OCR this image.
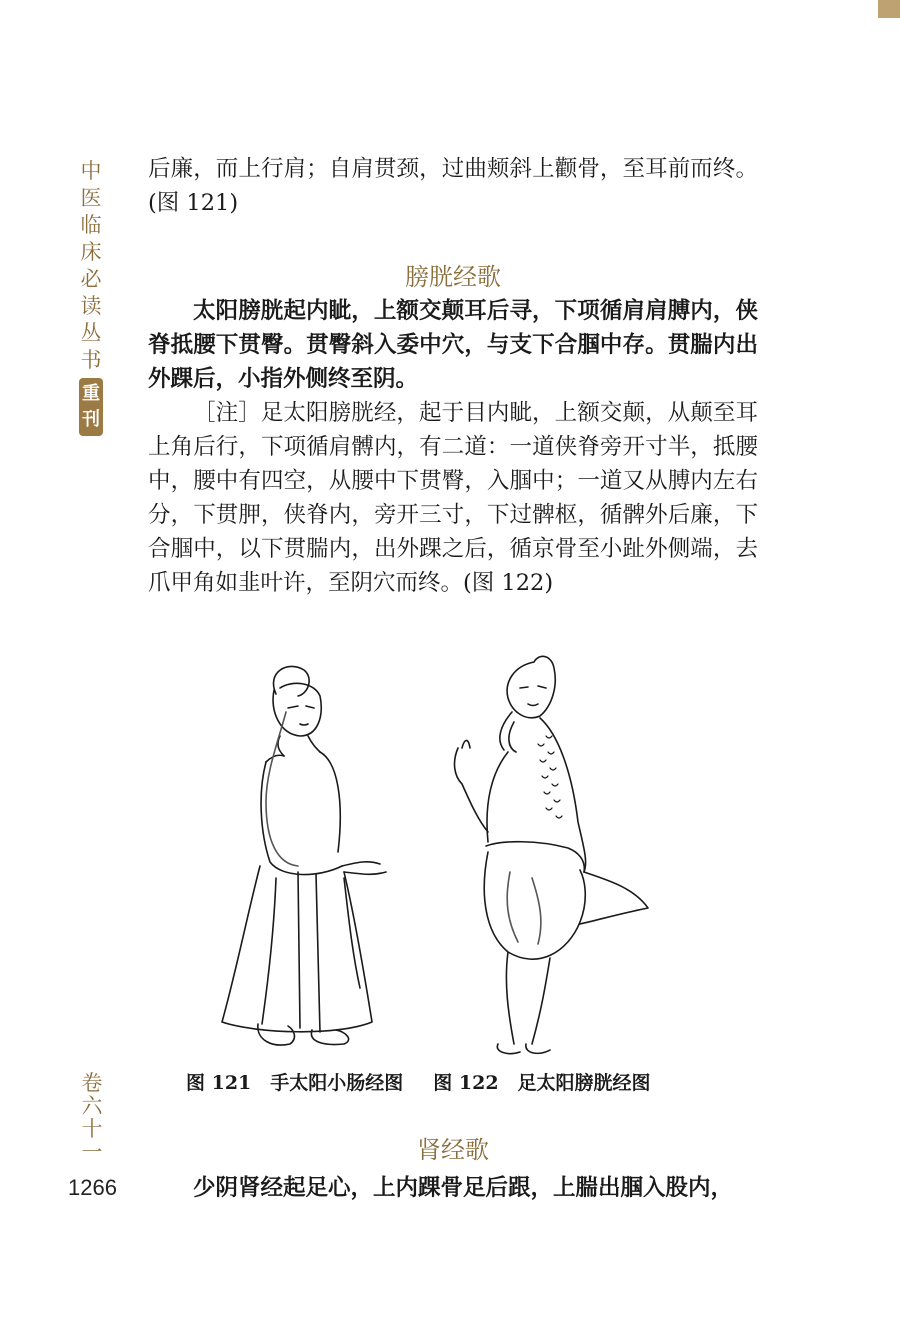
中
医
临
床
必
读
丛
书
重
刊
卷
六
十
一
1266

后廉，而上行肩；自肩贯颈，过曲颊斜上颧骨，至耳前而终。(图 121)

膀胱经歌

太阳膀胱起内眦，上额交颠耳后寻，下项循肩肩膊内，侠脊抵腰下贯臀。贯臀斜入委中穴，与支下合腘中存。贯腨内出外踝后，小指外侧终至阴。

［注］足太阳膀胱经，起于目内眦，上额交颠，从颠至耳上角后行，下项循肩髆内，有二道：一道侠脊旁开寸半，抵腰中，腰中有四空，从腰中下贯臀，入腘中；一道又从膊内左右分，下贯胛，侠脊内，旁开三寸，下过髀枢，循髀外后廉，下合腘中，以下贯腨内，出外踝之后，循京骨至小趾外侧端，去爪甲角如韭叶许，至阴穴而终。(图 122)

图 121　手太阳小肠经图 图 122　足太阳膀胱经图
肾经歌
少阴肾经起足心，上内踝骨足后跟，上腨出腘入股内，
